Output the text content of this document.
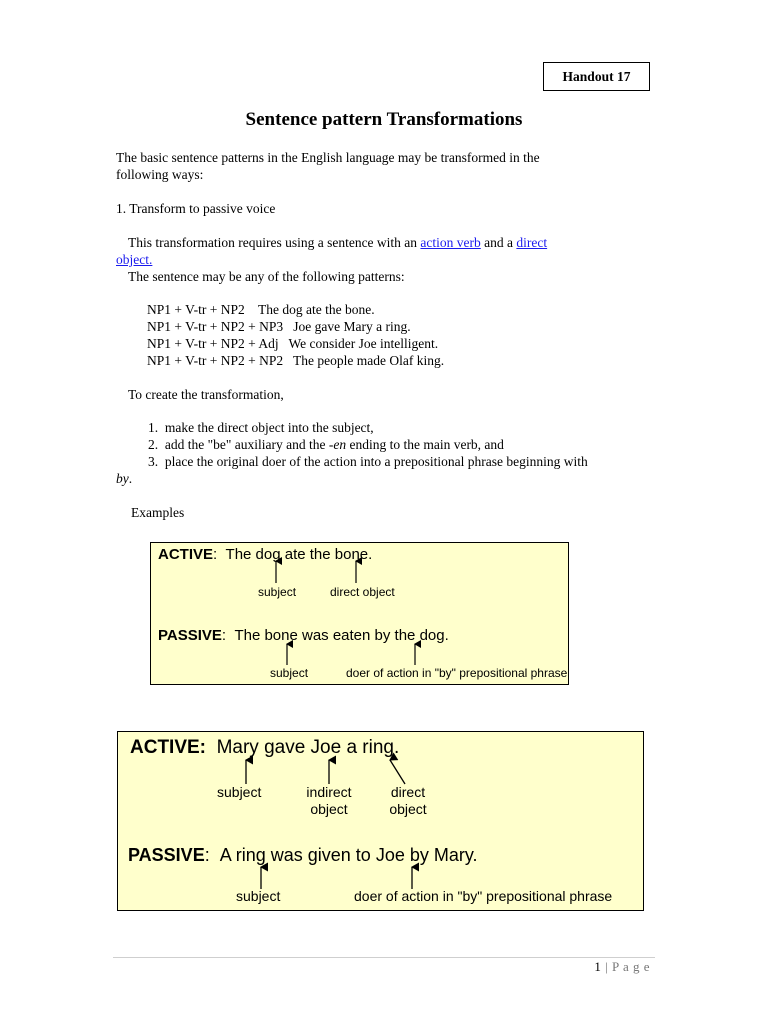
Handout 17
Sentence pattern Transformations
The basic sentence patterns in the English language may be transformed in the
following ways:
1. Transform to passive voice
This transformation requires using a sentence with an action verb and a direct
object.
The sentence may be any of the following patterns:
NP1 + V-tr + NP2    The dog ate the bone.
NP1 + V-tr + NP2 + NP3   Joe gave Mary a ring.
NP1 + V-tr + NP2 + Adj   We consider Joe intelligent.
NP1 + V-tr + NP2 + NP2   The people made Olaf king.
To create the transformation,
1.  make the direct object into the subject,
2.  add the "be" auxiliary and the -en ending to the main verb, and
3.  place the original doer of the action into a prepositional phrase beginning with
by.
Examples
ACTIVE: The dog ate the bone.
subject	direct object
PASSIVE: The bone was eaten by the dog.
subject	doer of action in "by" prepositional phrase
ACTIVE: Mary gave Joe a ring.
subject	indirect
object
direct
object
PASSIVE: A ring was given to Joe by Mary.
subject	doer of action in "by" prepositional phrase
1 | P a g e
